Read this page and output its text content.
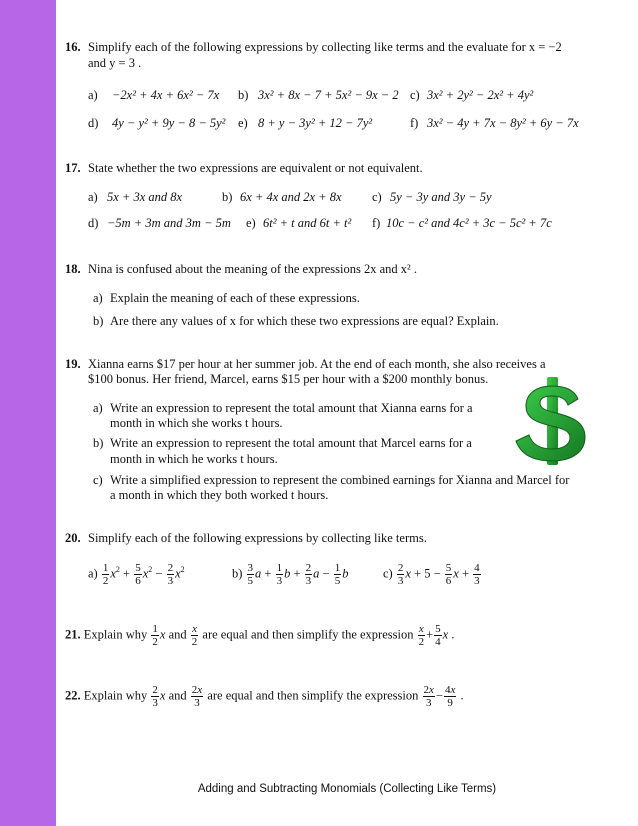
16. Simplify each of the following expressions by collecting like terms and the evaluate for x = −2
and y = 3 .
a) −2x² + 4x + 6x² − 7x b) 3x² + 8x − 7 + 5x² − 9x − 2 c) 3x² + 2y² − 2x² + 4y²
d) 4y − y² + 9y − 8 − 5y² e) 8 + y − 3y² + 12 − 7y²	f) 3x² − 4y + 7x − 8y² + 6y − 7x
17. State whether the two expressions are equivalent or not equivalent.
a) 5x + 3x and 8x	b) 6x + 4x and 2x + 8x c) 5y − 3y and 3y − 5y
d) −5m + 3m and 3m − 5m e) 6t² + t and 6t + t² f) 10c − c² and 4c² + 3c − 5c² + 7c
18. Nina is confused about the meaning of the expressions 2x and x² .
a) Explain the meaning of each of these expressions.
b) Are there any values of x for which these two expressions are equal? Explain.
19. Xianna earns $17 per hour at her summer job. At the end of each month, she also receives a
$100 bonus. Her friend, Marcel, earns $15 per hour with a $200 monthly bonus.
a) Write an expression to represent the total amount that Xianna earns for a
month in which she works t hours.
b) Write an expression to represent the total amount that Marcel earns for a
month in which he works t hours.
c) Write a simplified expression to represent the combined earnings for Xianna and Marcel for
a month in which they both worked t hours.
20. Simplify each of the following expressions by collecting like terms.
$a) \frac{1}{2} x^2 + \frac{5}{6} x^2 - \frac{2}{3} x^2$	$b) \frac{3}{5}$ $a + \frac{1}{3}$ $b + \frac{2}{3}$ $a - \frac{1}{5}$ b	$c) \frac{2}{3}$ $x + 5 - \frac{5}{6}$ $x + \frac{4}{3}$
21. Explain why $\frac{1}{2}$ x and $\frac{x}{2}$ are equal and then simplify the expression $\frac{x}{2} + \frac{5}{4}$ x .
22. Explain why $\frac{2}{3}$ x and $\frac{2x}{3}$ are equal and then simplify the expression $\frac{2x}{3} - \frac{4x}{9}$ .
Adding and Subtracting Monomials (Collecting Like Terms)
